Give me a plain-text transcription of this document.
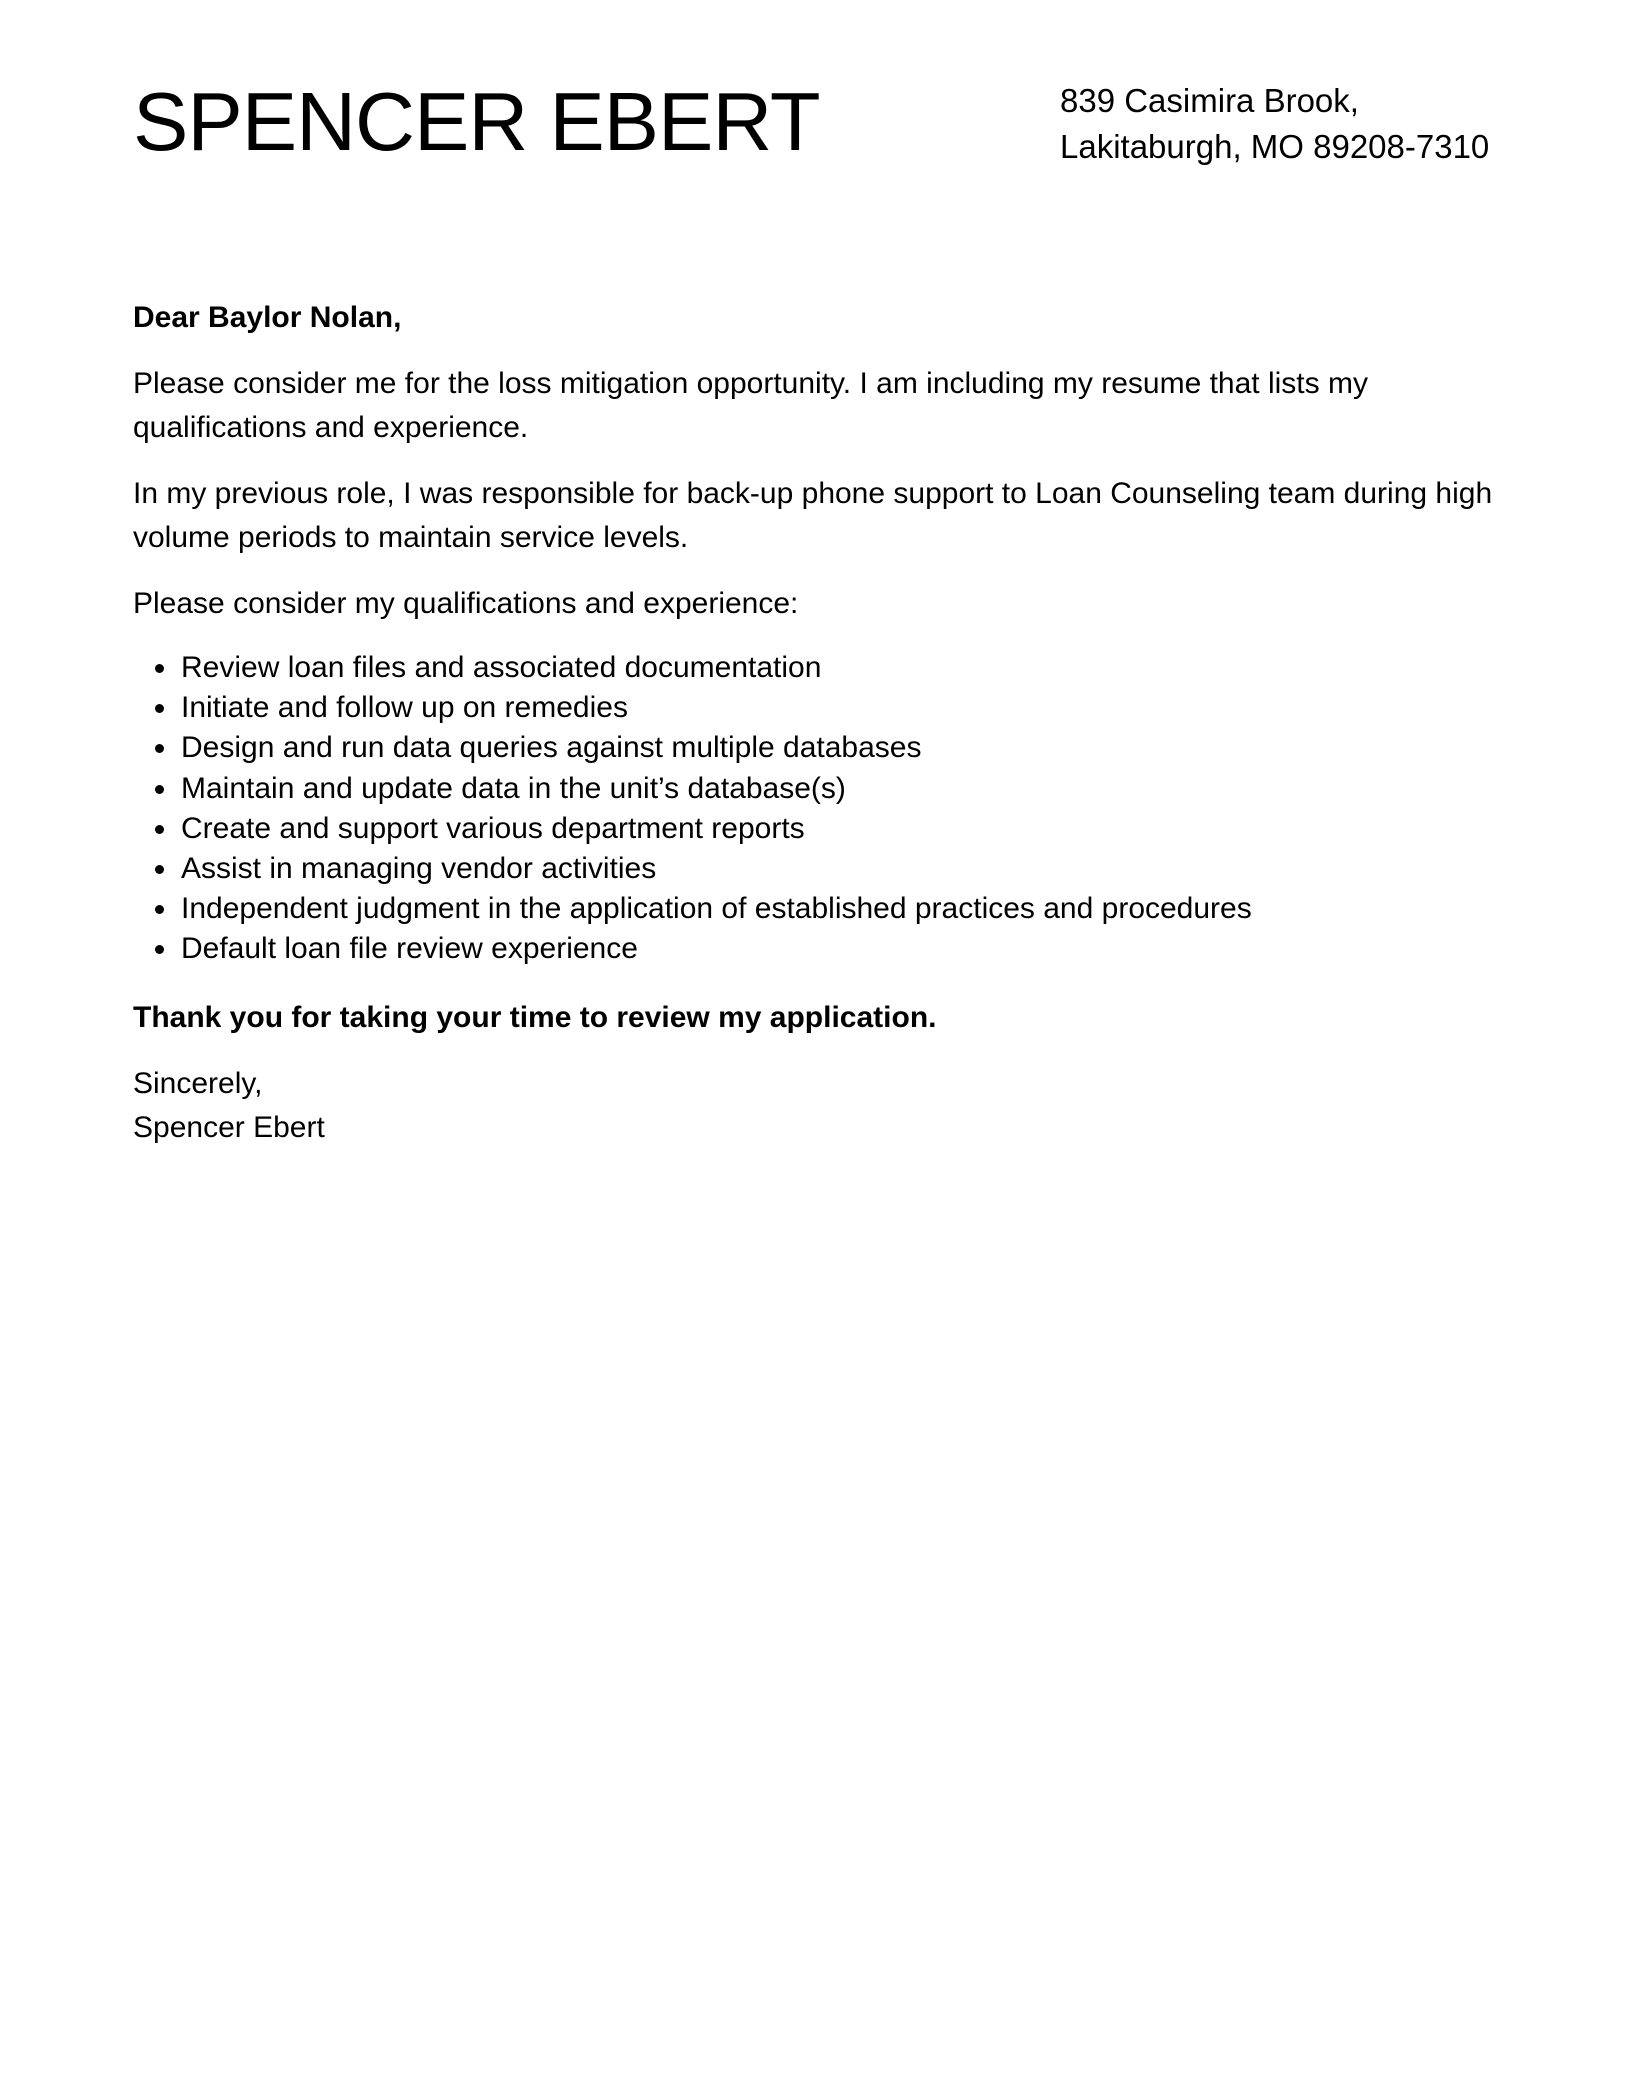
SPENCER EBERT	839 Casimira Brook,
Lakitaburgh, MO 89208-7310

Dear Baylor Nolan,

Please consider me for the loss mitigation opportunity. I am including my resume that lists my qualifications and experience.

In my previous role, I was responsible for back-up phone support to Loan Counseling team during high volume periods to maintain service levels.

Please consider my qualifications and experience:

Review loan files and associated documentation
Initiate and follow up on remedies
Design and run data queries against multiple databases
Maintain and update data in the unit’s database(s)
Create and support various department reports
Assist in managing vendor activities
Independent judgment in the application of established practices and procedures
Default loan file review experience

Thank you for taking your time to review my application.

Sincerely,
Spencer Ebert
